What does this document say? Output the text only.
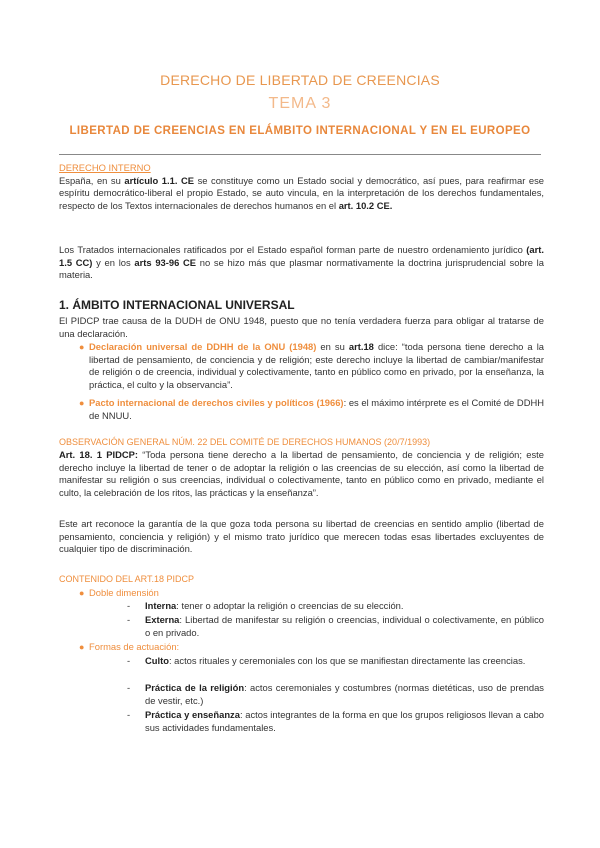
DERECHO DE LIBERTAD DE CREENCIAS
TEMA 3
LIBERTAD DE CREENCIAS EN ELÁMBITO INTERNACIONAL Y EN EL EUROPEO
DERECHO INTERNO

España, en su artículo 1.1. CE se constituye como un Estado social y democrático, así pues, para reafirmar ese espíritu democrático-liberal el propio Estado, se auto vincula, en la interpretación de los derechos fundamentales, respecto de los Textos internacionales de derechos humanos en el art. 10.2 CE.

Los Tratados internacionales ratificados por el Estado español forman parte de nuestro ordenamiento jurídico (art. 1.5 CC) y en los arts 93-96 CE no se hizo más que plasmar normativamente la doctrina jurisprudencial sobre la materia.

1. ÁMBITO INTERNACIONAL UNIVERSAL

El PIDCP trae causa de la DUDH de ONU 1948, puesto que no tenía verdadera fuerza para obligar al tratarse de una declaración.

● Declaración universal de DDHH de la ONU (1948) en su art.18 dice: “toda persona tiene derecho a la libertad de pensamiento, de conciencia y de religión; este derecho incluye la libertad de cambiar/manifestar de religión o de creencia, individual y colectivamente, tanto en público como en privado, por la enseñanza, la práctica, el culto y la observancia”.

● Pacto internacional de derechos civiles y políticos (1966): es el máximo intérprete es el Comité de DDHH de NNUU.

OBSERVACIÓN GENERAL NÚM. 22 DEL COMITÉ DE DERECHOS HUMANOS (20/7/1993)

Art. 18. 1 PIDCP: “Toda persona tiene derecho a la libertad de pensamiento, de conciencia y de religión; este derecho incluye la libertad de tener o de adoptar la religión o las creencias de su elección, así como la libertad de manifestar su religión o sus creencias, individual o colectivamente, tanto en público como en privado, mediante el culto, la celebración de los ritos, las prácticas y la enseñanza”.

Este art reconoce la garantía de la que goza toda persona su libertad de creencias en sentido amplio (libertad de pensamiento, conciencia y religión) y el mismo trato jurídico que merecen todas esas libertades excluyentes de cualquier tipo de discriminación.

CONTENIDO DEL ART.18 PIDCP
● Doble dimensión
- Interna: tener o adoptar la religión o creencias de su elección.

- Externa: Libertad de manifestar su religión o creencias, individual o colectivamente, en público o en privado.

● Formas de actuación:
- Culto: actos rituales y ceremoniales con los que se manifiestan directamente las creencias.

- Práctica de la religión: actos ceremoniales y costumbres (normas dietéticas, uso de prendas de vestir, etc.)

- Práctica y enseñanza: actos integrantes de la forma en que los grupos religiosos llevan a cabo sus actividades fundamentales.
